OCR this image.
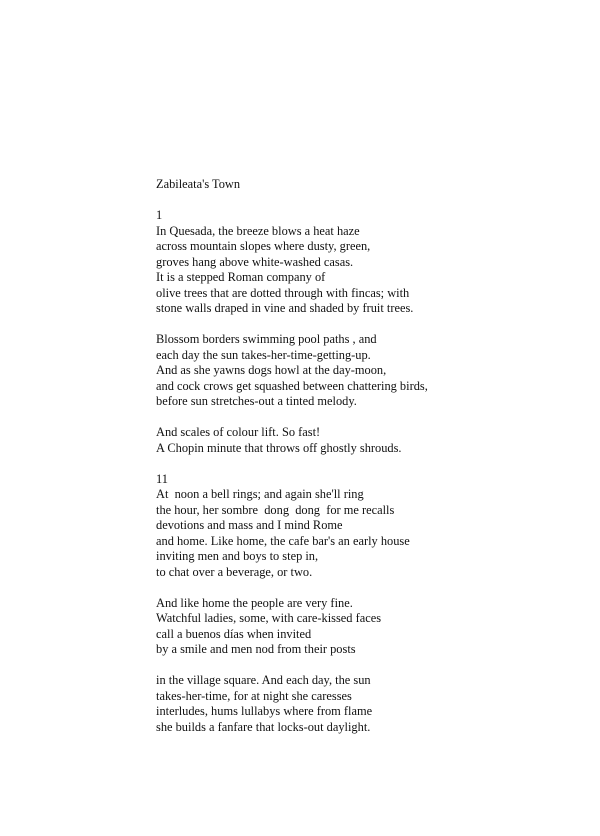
Zabileata's Town
1
In Quesada, the breeze blows a heat haze
across mountain slopes where dusty, green,
groves hang above white-washed casas.
It is a stepped Roman company of
olive trees that are dotted through with fincas; with
stone walls draped in vine and shaded by fruit trees.
Blossom borders swimming pool paths , and
each day the sun takes-her-time-getting-up.
And as she yawns dogs howl at the day-moon,
and cock crows get squashed between chattering birds,
before sun stretches-out a tinted melody.
And scales of colour lift. So fast!
A Chopin minute that throws off ghostly shrouds.
11
At  noon a bell rings; and again she'll ring
the hour, her sombre  dong  dong  for me recalls
devotions and mass and I mind Rome
and home. Like home, the cafe bar's an early house
inviting men and boys to step in,
to chat over a beverage, or two.
And like home the people are very fine.
Watchful ladies, some, with care-kissed faces
call a buenos días when invited
by a smile and men nod from their posts
in the village square. And each day, the sun
takes-her-time, for at night she caresses
interludes, hums lullabys where from flame
she builds a fanfare that locks-out daylight.
